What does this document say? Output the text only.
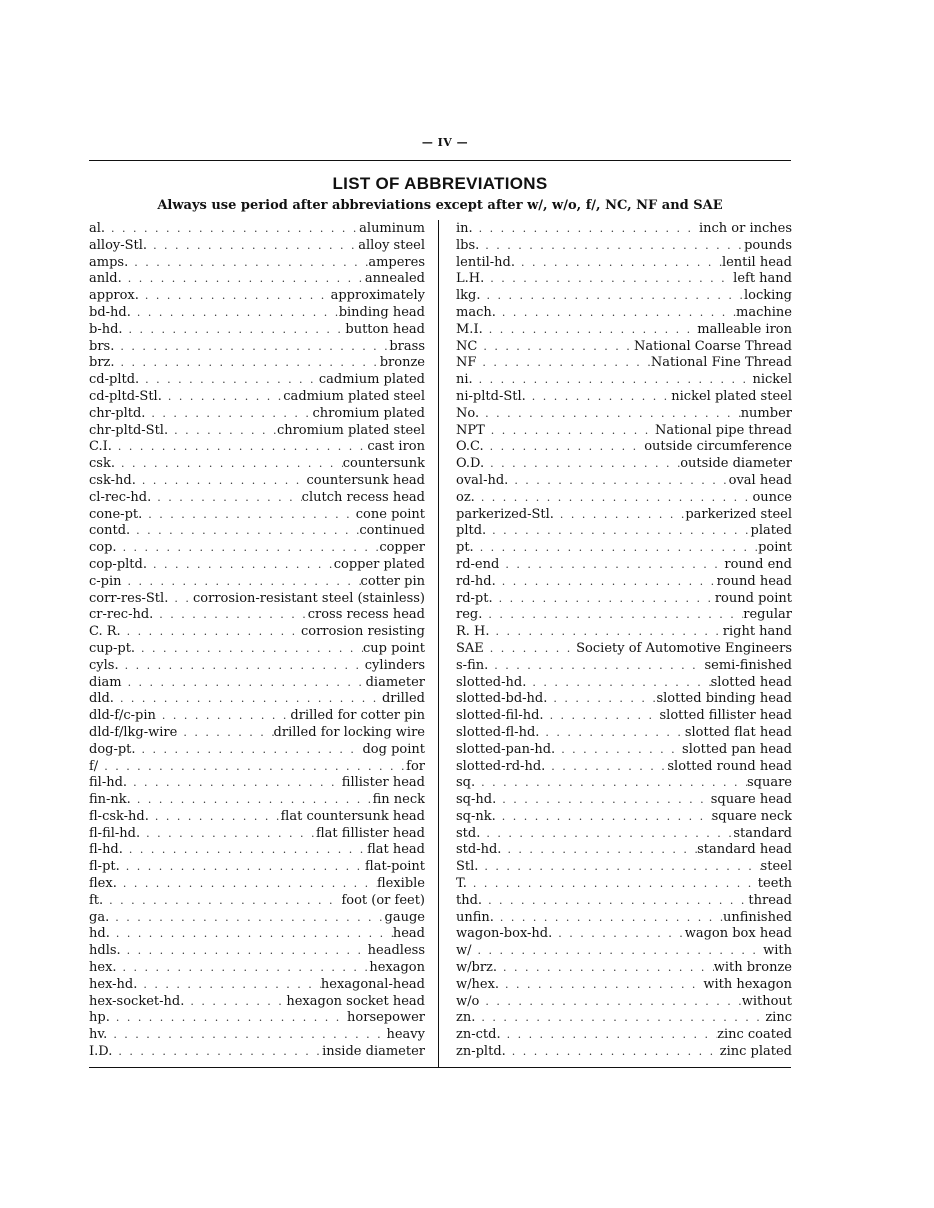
— IV —
LIST OF ABBREVIATIONS
Always use period after abbreviations except after w/, w/o, f/, NC, NF and SAE
al. . . .	aluminum
alloy-Stl. . . .	alloy steel
amps. . . .	amperes
anld. . . .	annealed
approx. . . .	approximately
bd-hd. . . .	binding head
b-hd. . . .	button head
brs. . . .	brass
brz. . . .	bronze
cd-pltd. . . .	cadmium plated
cd-pltd-Stl. . . .	cadmium plated steel
chr-pltd. . . .	chromium plated
chr-pltd-Stl. . . .	chromium plated steel
C.I. . . .	cast iron
csk. . . .	countersunk
csk-hd. . . .	countersunk head
cl-rec-hd. . . .	clutch recess head
cone-pt. . . .	cone point
contd. . . .	continued
cop. . . .	copper
cop-pltd. . . .	copper plated
c-pin . . .	cotter pin
corr-res-Stl. . . .	corrosion-resistant steel (stainless)
cr-rec-hd. . . .	cross recess head
C. R. . . .	corrosion resisting
cup-pt. . . .	cup point
cyls. . . .	cylinders
diam . . .	diameter
dld. . . .	drilled
dld-f/c-pin . . .	drilled for cotter pin
dld-f/lkg-wire . . .	drilled for locking wire
dog-pt. . . .	dog point
f/ . . .	for
fil-hd. . . .	fillister head
fin-nk. . . .	fin neck
fl-csk-hd. . . .	flat countersunk head
fl-fil-hd. . . .	flat fillister head
fl-hd. . . .	flat head
fl-pt. . . .	flat-point
flex. . . .	flexible
ft. . . .	foot (or feet)
ga. . . .	gauge
hd. . . .	head
hdls. . . .	headless
hex. . . .	hexagon
hex-hd. . . .	hexagonal-head
hex-socket-hd. . . .	hexagon socket head
hp. . . .	horsepower
hv. . . .	heavy
I.D. . . .	inside diameter
in. . . .	inch or inches
lbs. . . .	pounds
lentil-hd. . . .	lentil head
L.H. . . .	left hand
lkg. . . .	locking
mach. . . .	machine
M.I. . . .	malleable iron
NC . . .	National Coarse Thread
NF . . .	National Fine Thread
ni. . . .	nickel
ni-pltd-Stl. . . .	nickel plated steel
No. . . .	number
NPT . . .	National pipe thread
O.C. . . .	outside circumference
O.D. . . .	outside diameter
oval-hd. . . .	oval head
oz. . . .	ounce
parkerized-Stl. . . .	parkerized steel
pltd. . . .	plated
pt. . . .	point
rd-end . . .	round end
rd-hd. . . .	round head
rd-pt. . . .	round point
reg. . . .	regular
R. H. . . .	right hand
SAE . . .	Society of Automotive Engineers
s-fin. . . .	semi-finished
slotted-hd. . . .	slotted head
slotted-bd-hd. . . .	slotted binding head
slotted-fil-hd. . . .	slotted fillister head
slotted-fl-hd. . . .	slotted flat head
slotted-pan-hd. . . .	slotted pan head
slotted-rd-hd. . . .	slotted round head
sq. . . .	square
sq-hd. . . .	square head
sq-nk. . . .	square neck
std. . . .	standard
std-hd. . . .	standard head
Stl. . . .	steel
T. . . .	teeth
thd. . . .	thread
unfin. . . .	unfinished
wagon-box-hd. . . .	wagon box head
w/ . . .	with
w/brz. . . .	with bronze
w/hex. . . .	with hexagon
w/o . . .	without
zn. . . .	zinc
zn-ctd. . . .	zinc coated
zn-pltd. . . .	zinc plated
